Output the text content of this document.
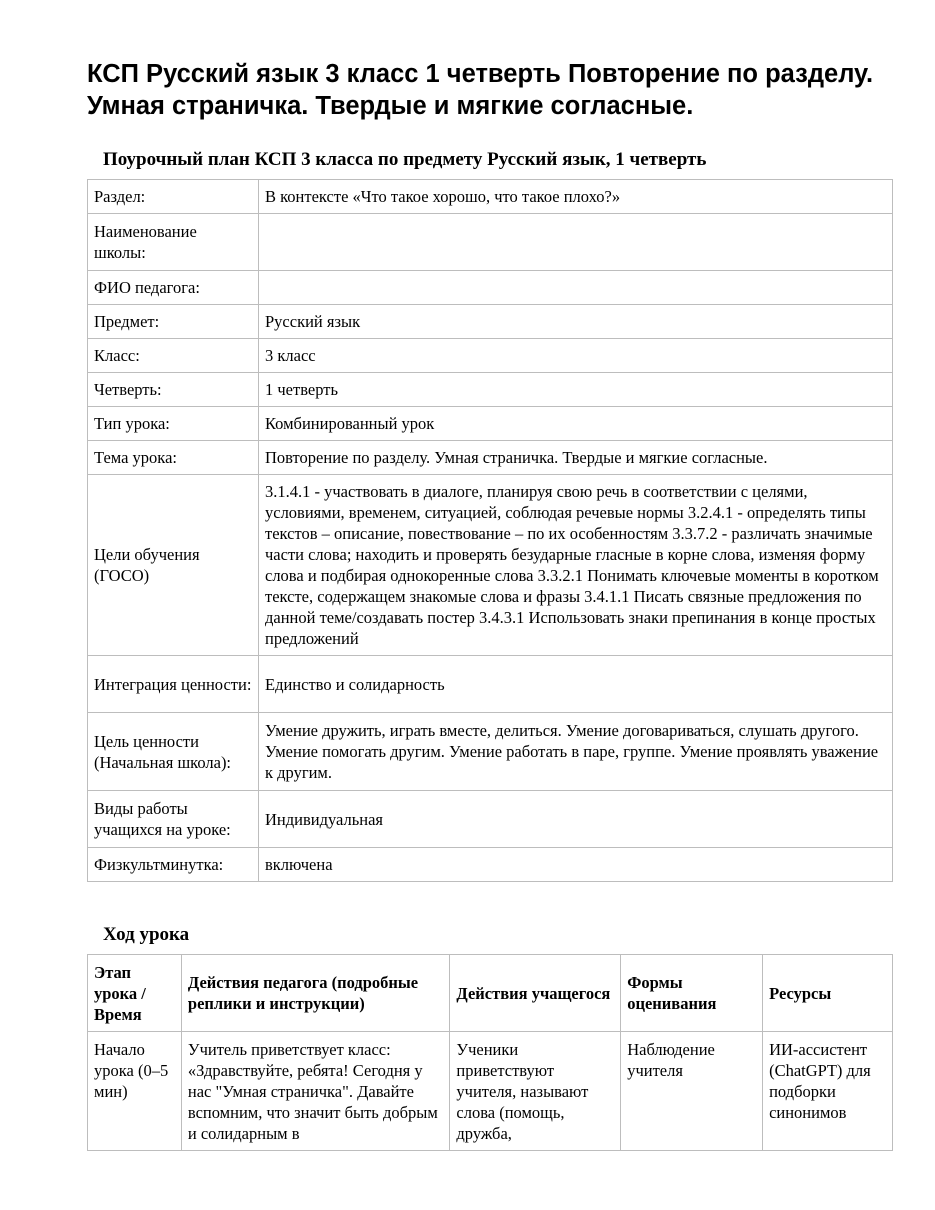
КСП Русский язык 3 класс 1 четверть Повторение по разделу. Умная страничка. Твердые и мягкие согласные.
Поурочный план КСП 3 класса по предмету Русский язык, 1 четверть
Раздел:	В контексте «Что такое хорошо, что такое плохо?»
Наименование школы:	
ФИО педагога:	
Предмет:	Русский язык
Класс:	3 класс
Четверть:	1 четверть
Тип урока:	Комбинированный урок
Тема урока:	Повторение по разделу. Умная страничка. Твердые и мягкие согласные.
Цели обучения (ГОСО)	3.1.4.1 - участвовать в диалоге, планируя свою речь в соответствии с целями, условиями, временем, ситуацией, соблюдая речевые нормы 3.2.4.1 - определять типы текстов – описание, повествование – по их особенностям 3.3.7.2 - различать значимые части слова; находить и проверять безударные гласные в корне слова, изменяя форму слова и подбирая однокоренные слова 3.3.2.1 Понимать ключевые моменты в коротком тексте, содержащем знакомые слова и фразы 3.4.1.1 Писать связные предложения по данной теме/создавать постер 3.4.3.1 Использовать знаки препинания в конце простых предложений
Интеграция ценности:	Единство и солидарность
Цель ценности (Начальная школа):	Умение дружить, играть вместе, делиться. Умение договариваться, слушать другого. Умение помогать другим. Умение работать в паре, группе. Умение проявлять уважение к другим.
Виды работы учащихся на уроке:	Индивидуальная
Физкультминутка:	включена
Ход урока
Этап урока / Время	Действия педагога (подробные реплики и инструкции)	Действия учащегося	Формы оценивания	Ресурсы

Начало урока (0–5 мин)	Учитель приветствует класс: «Здравствуйте, ребята! Сегодня у нас "Умная страничка". Давайте вспомним, что значит быть добрым и солидарным в	Ученики приветствуют учителя, называют слова (помощь, дружба,	Наблюдение учителя	ИИ-ассистент (ChatGPT) для подборки синонимов
